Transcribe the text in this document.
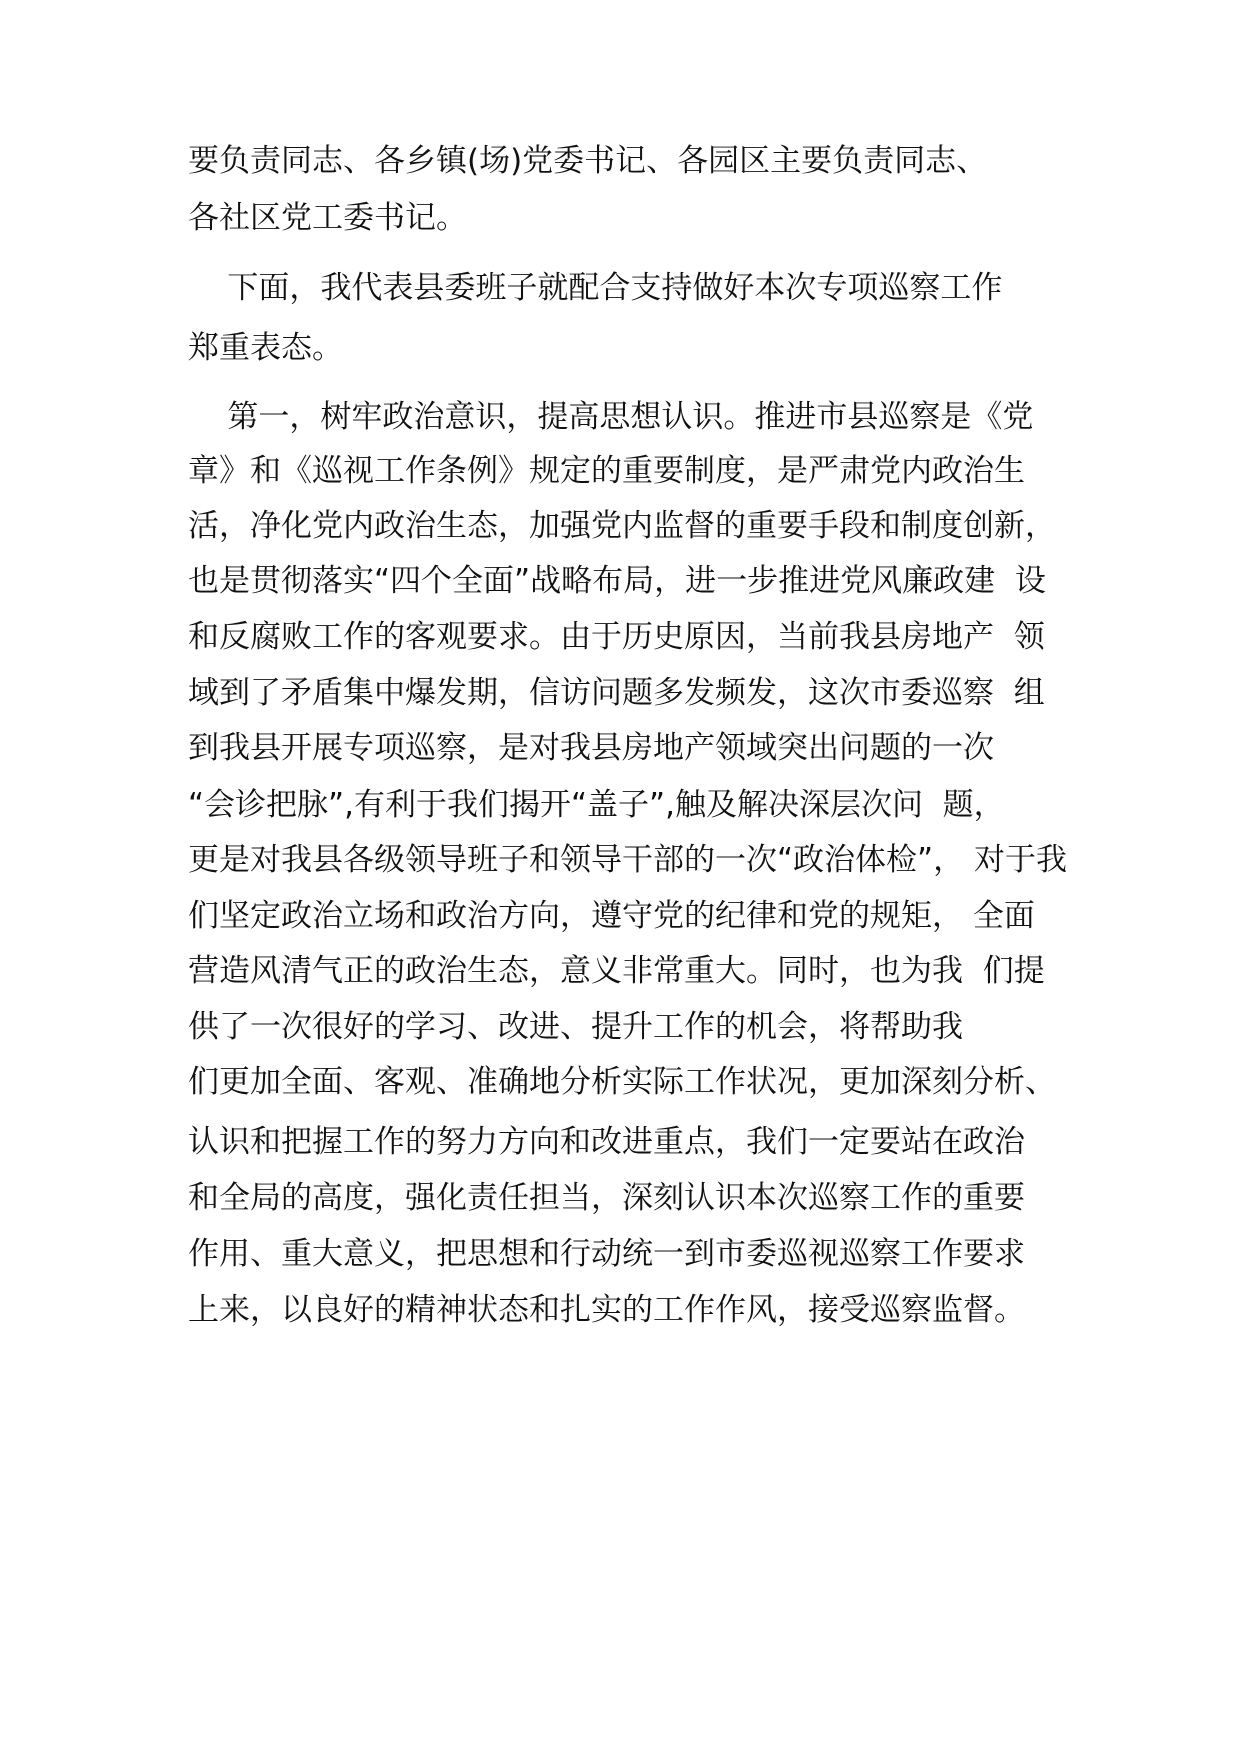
要负责同志、各乡镇(场)党委书记、各园区主要负责同志、

各社区党工委书记。

下面，我代表县委班子就配合支持做好本次专项巡察工作

郑重表态。

第一，树牢政治意识，提高思想认识。推进市县巡察是《党

章》和《巡视工作条例》规定的重要制度，是严肃党内政治生

活，净化党内政治生态，加强党内监督的重要手段和制度创新，

也是贯彻落实“四个全面”战略布局，进一步推进党风廉政建  设

和反腐败工作的客观要求。由于历史原因，当前我县房地产  领

域到了矛盾集中爆发期，信访问题多发频发，这次市委巡察  组

到我县开展专项巡察，是对我县房地产领域突出问题的一次

“会诊把脉”,有利于我们揭开“盖子”,触及解决深层次问  题，

更是对我县各级领导班子和领导干部的一次“政治体检”， 对于我

们坚定政治立场和政治方向，遵守党的纪律和党的规矩， 全面

营造风清气正的政治生态，意义非常重大。同时，也为我  们提

供了一次很好的学习、改进、提升工作的机会，将帮助我

们更加全面、客观、准确地分析实际工作状况，更加深刻分析、

认识和把握工作的努力方向和改进重点，我们一定要站在政治

和全局的高度，强化责任担当，深刻认识本次巡察工作的重要

作用、重大意义，把思想和行动统一到市委巡视巡察工作要求

上来，以良好的精神状态和扎实的工作作风，接受巡察监督。
